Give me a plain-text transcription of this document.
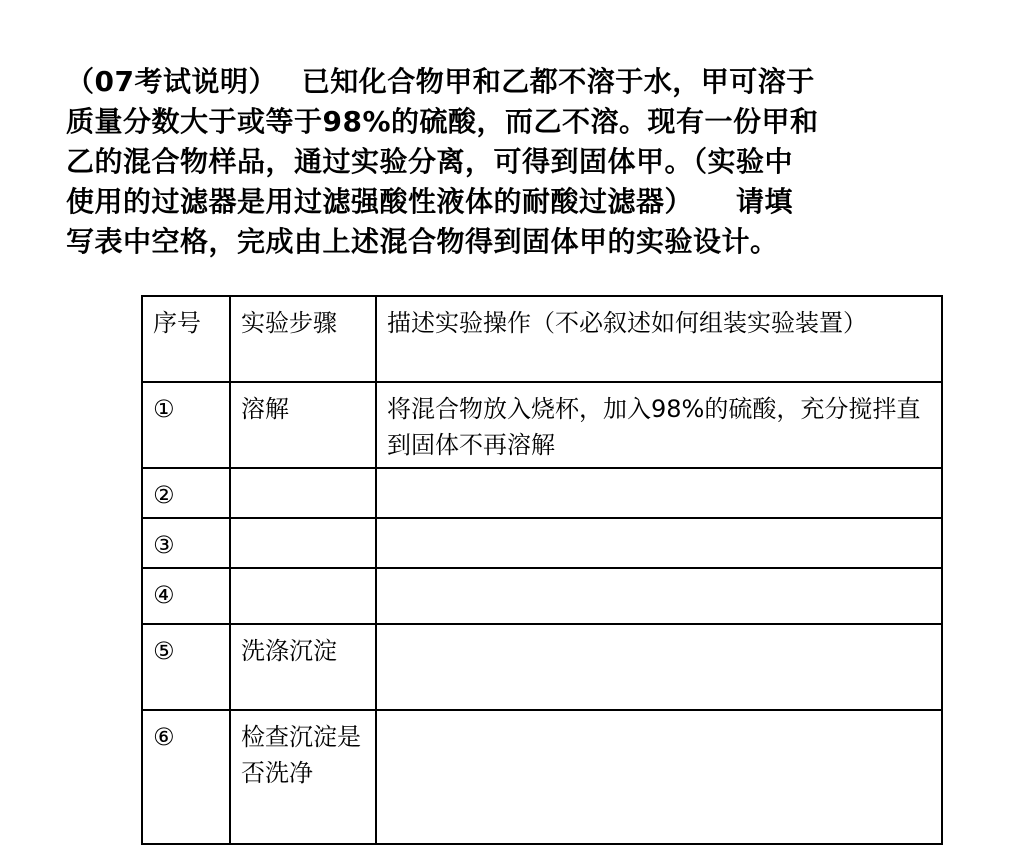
（07考试说明）　 已知化合物甲和乙都不溶于水，甲可溶于
质量分数大于或等于98%的硫酸，而乙不溶。现有一份甲和
乙的混合物样品，通过实验分离，可得到固体甲。（实验中
使用的过滤器是用过滤强酸性液体的耐酸过滤器）　　请填
写表中空格，完成由上述混合物得到固体甲的实验设计。
序号	实验步骤	描述实验操作（不必叙述如何组装实验装置）

①	溶解	将混合物放入烧杯，加入98%的硫酸，充分搅拌直到固体不再溶解

②		

③		

④		

⑤	洗涤沉淀	

⑥	检查沉淀是否洗净	
